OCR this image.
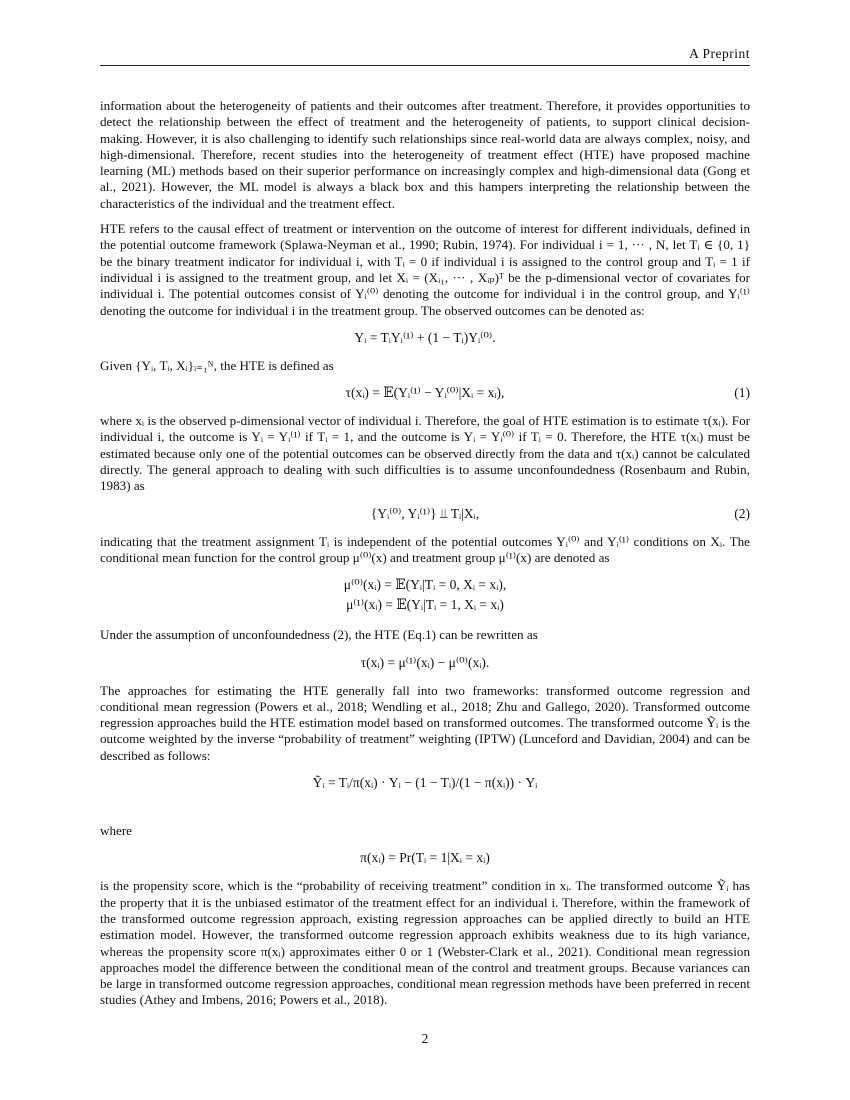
A Preprint

information about the heterogeneity of patients and their outcomes after treatment. Therefore, it provides opportunities to detect the relationship between the effect of treatment and the heterogeneity of patients, to support clinical decision-making. However, it is also challenging to identify such relationships since real-world data are always complex, noisy, and high-dimensional. Therefore, recent studies into the heterogeneity of treatment effect (HTE) have proposed machine learning (ML) methods based on their superior performance on increasingly complex and high-dimensional data (Gong et al., 2021). However, the ML model is always a black box and this hampers interpreting the relationship between the characteristics of the individual and the treatment effect.

HTE refers to the causal effect of treatment or intervention on the outcome of interest for different individuals, defined in the potential outcome framework (Splawa-Neyman et al., 1990; Rubin, 1974). For individual i = 1, ··· , N, let Tᵢ ∈ {0, 1} be the binary treatment indicator for individual i, with Tᵢ = 0 if individual i is assigned to the control group and Tᵢ = 1 if individual i is assigned to the treatment group, and let Xᵢ = (Xᵢ₁, ··· , Xᵢₚ)ᵀ be the p-dimensional vector of covariates for individual i. The potential outcomes consist of Yᵢ⁽⁰⁾ denoting the outcome for individual i in the control group, and Yᵢ⁽¹⁾ denoting the outcome for individual i in the treatment group. The observed outcomes can be denoted as:

Yᵢ = TᵢYᵢ⁽¹⁾ + (1 − Tᵢ)Yᵢ⁽⁰⁾.

Given {Yᵢ, Tᵢ, Xᵢ}ᵢ₌₁ᴺ, the HTE is defined as

τ(xᵢ) = 𝔼(Yᵢ⁽¹⁾ − Yᵢ⁽⁰⁾|Xᵢ = xᵢ),	(1)

where xᵢ is the observed p-dimensional vector of individual i. Therefore, the goal of HTE estimation is to estimate τ(xᵢ). For individual i, the outcome is Yᵢ = Yᵢ⁽¹⁾ if Tᵢ = 1, and the outcome is Yᵢ = Yᵢ⁽⁰⁾ if Tᵢ = 0. Therefore, the HTE τ(xᵢ) must be estimated because only one of the potential outcomes can be observed directly from the data and τ(xᵢ) cannot be calculated directly. The general approach to dealing with such difficulties is to assume unconfoundedness (Rosenbaum and Rubin, 1983) as

{Yᵢ⁽⁰⁾, Yᵢ⁽¹⁾} ⫫ Tᵢ|Xᵢ,	(2)

indicating that the treatment assignment Tᵢ is independent of the potential outcomes Yᵢ⁽⁰⁾ and Yᵢ⁽¹⁾ conditions on Xᵢ. The conditional mean function for the control group μ⁽⁰⁾(x) and treatment group μ⁽¹⁾(x) are denoted as

μ⁽⁰⁾(xᵢ) = 𝔼(Yᵢ|Tᵢ = 0, Xᵢ = xᵢ),
μ⁽¹⁾(xᵢ) = 𝔼(Yᵢ|Tᵢ = 1, Xᵢ = xᵢ)

Under the assumption of unconfoundedness (2), the HTE (Eq.1) can be rewritten as

τ(xᵢ) = μ⁽¹⁾(xᵢ) − μ⁽⁰⁾(xᵢ).

The approaches for estimating the HTE generally fall into two frameworks: transformed outcome regression and conditional mean regression (Powers et al., 2018; Wendling et al., 2018; Zhu and Gallego, 2020). Transformed outcome regression approaches build the HTE estimation model based on transformed outcomes. The transformed outcome Ỹᵢ is the outcome weighted by the inverse “probability of treatment” weighting (IPTW) (Lunceford and Davidian, 2004) and can be described as follows:

Ỹᵢ = Tᵢ/π(xᵢ) · Yᵢ − (1 − Tᵢ)/(1 − π(xᵢ)) · Yᵢ

where

π(xᵢ) = Pr(Tᵢ = 1|Xᵢ = xᵢ)

is the propensity score, which is the “probability of receiving treatment” condition in xᵢ. The transformed outcome Ỹᵢ has the property that it is the unbiased estimator of the treatment effect for an individual i. Therefore, within the framework of the transformed outcome regression approach, existing regression approaches can be applied directly to build an HTE estimation model. However, the transformed outcome regression approach exhibits weakness due to its high variance, whereas the propensity score π(xᵢ) approximates either 0 or 1 (Webster-Clark et al., 2021). Conditional mean regression approaches model the difference between the conditional mean of the control and treatment groups. Because variances can be large in transformed outcome regression approaches, conditional mean regression methods have been preferred in recent studies (Athey and Imbens, 2016; Powers et al., 2018).

2
